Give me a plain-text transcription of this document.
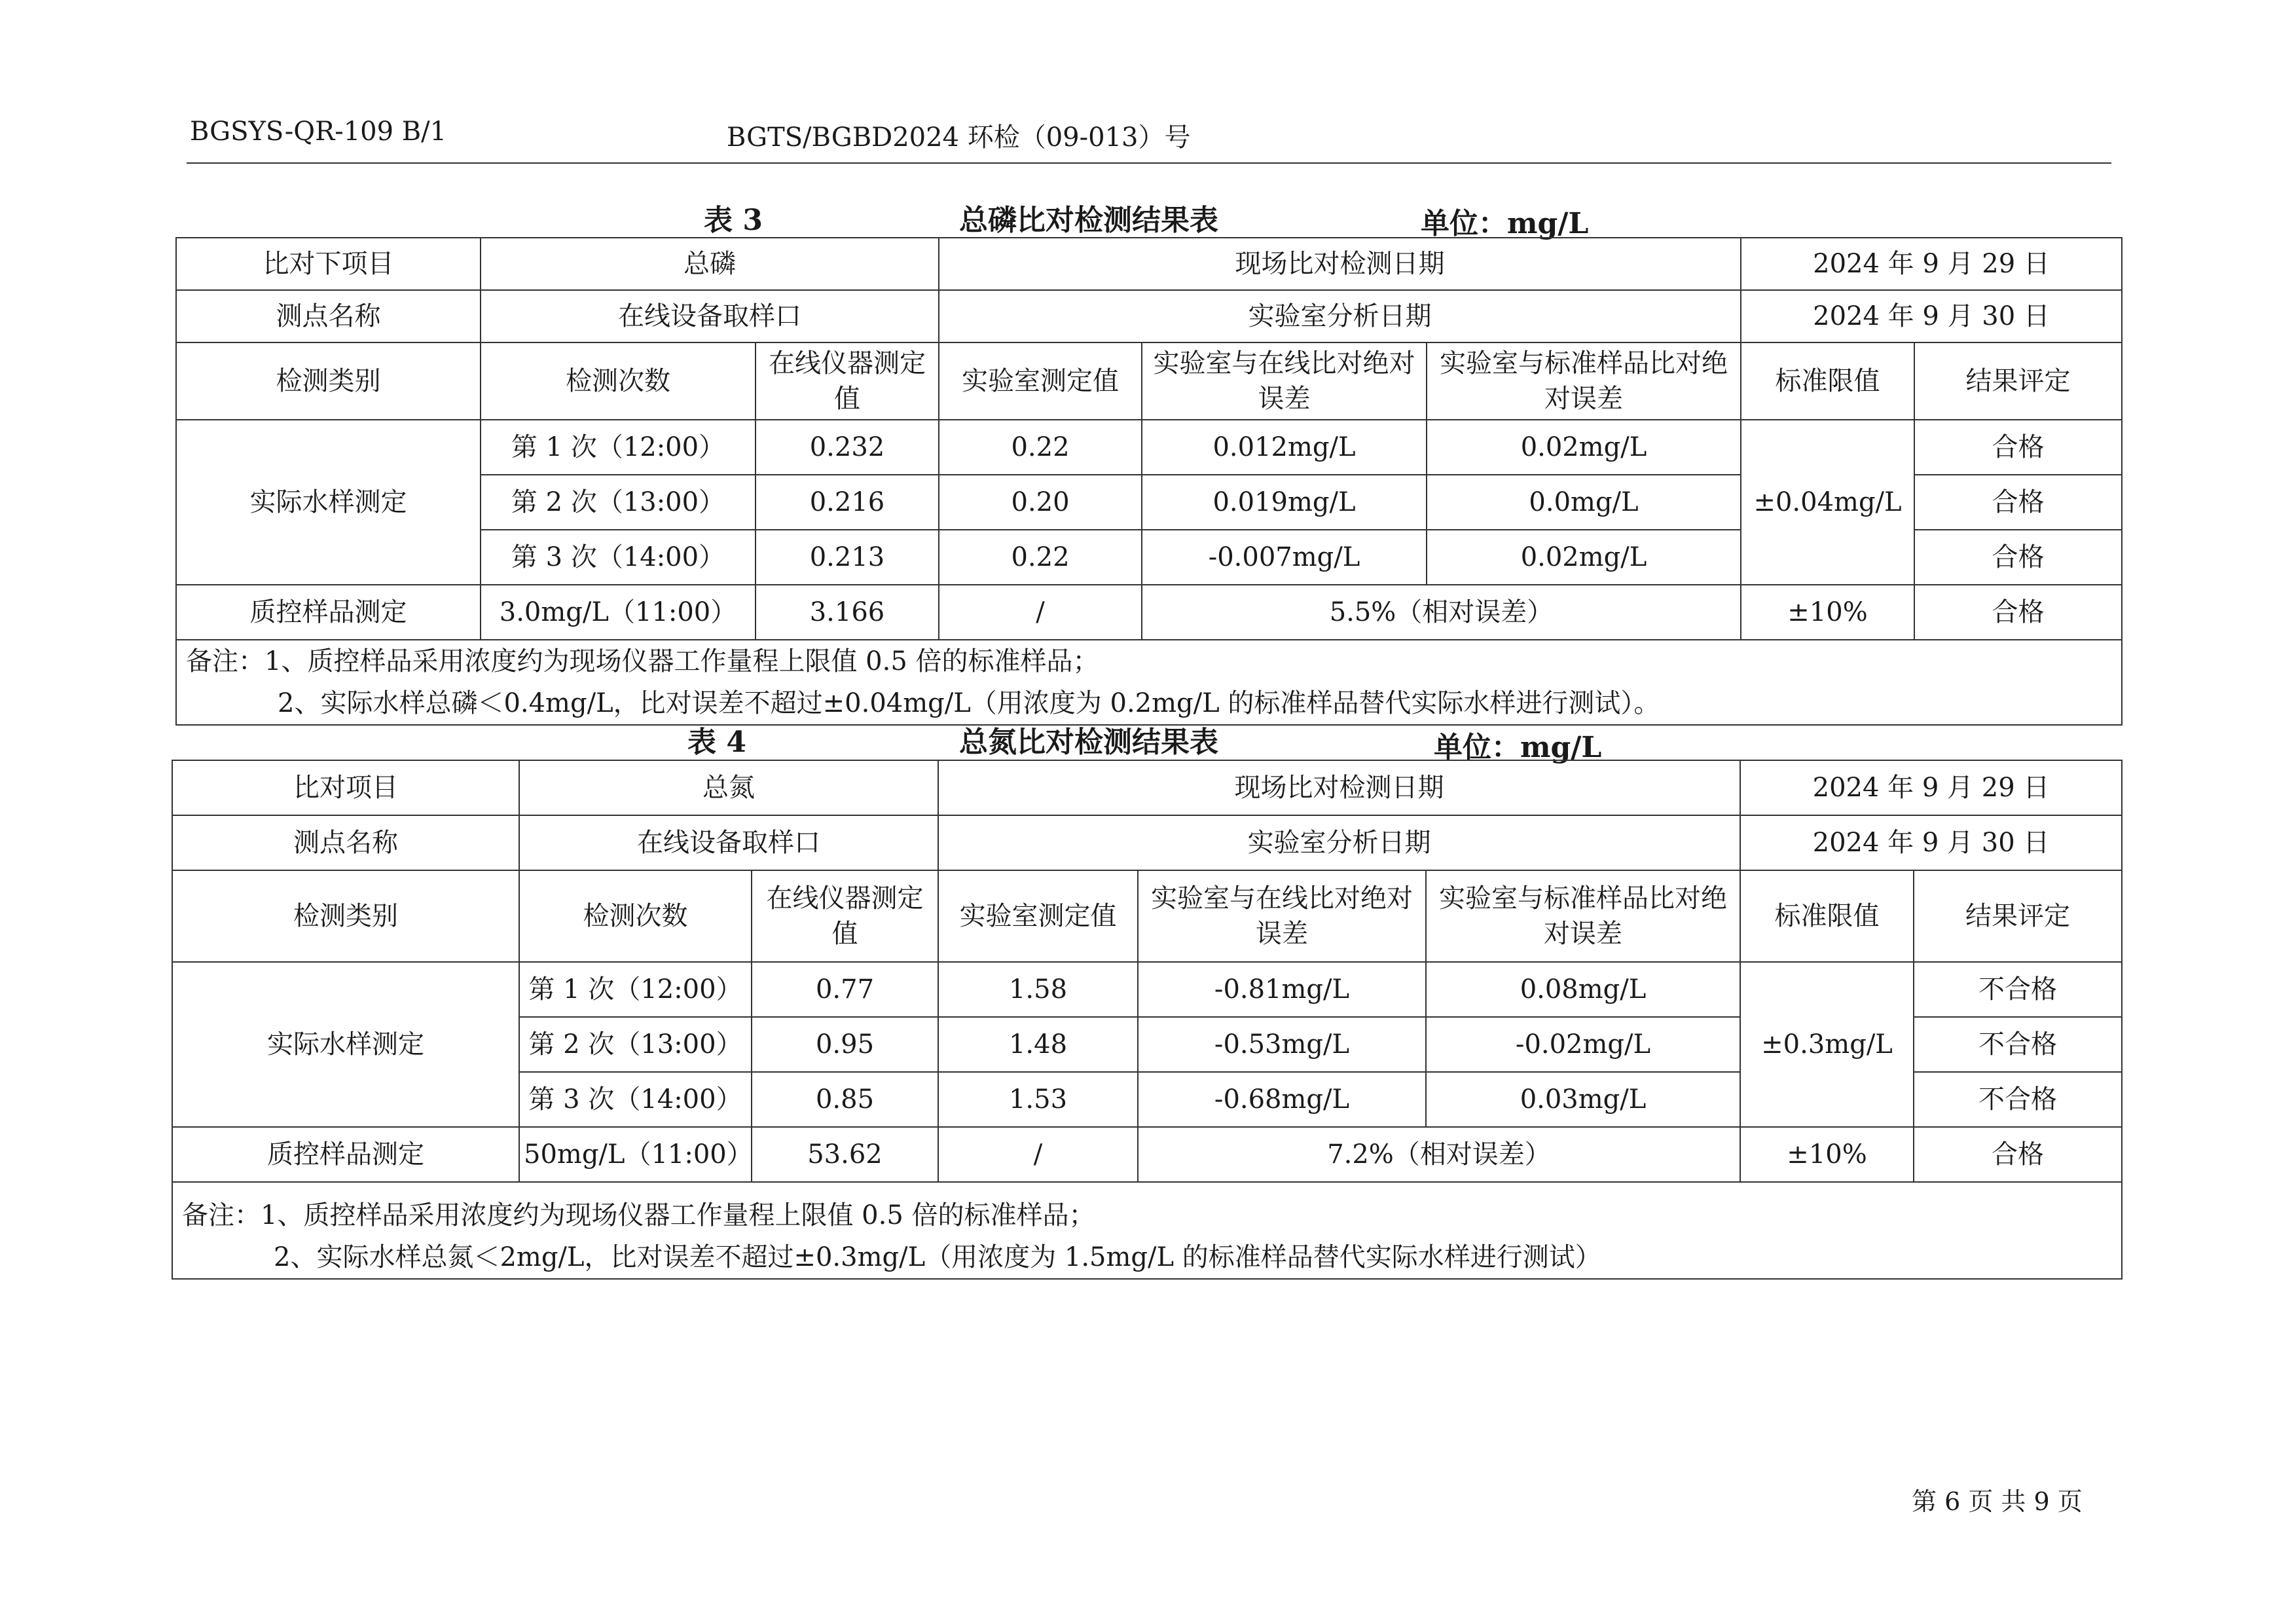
BGSYS-QR-109 B/1	BGTS/BGBD2024 环检（09-013）号
表 3	总磷比对检测结果表	单位：mg/L
比对下项目	总磷		现场比对检测日期			2024 年 9 月 29 日	
测点名称	在线设备取样口		实验室分析日期			2024 年 9 月 30 日	
检测类别	检测次数	在线仪器测定值	实验室测定值	实验室与在线比对绝对误差	实验室与标准样品比对绝对误差	标准限值	结果评定
实际水样测定	第 1 次（12:00）	0.232	0.22	0.012mg/L	0.02mg/L	±0.04mg/L	合格
	第 2 次（13:00）	0.216	0.20	0.019mg/L	0.0mg/L		合格
	第 3 次（14:00）	0.213	0.22	-0.007mg/L	0.02mg/L		合格
质控样品测定	3.0mg/L（11:00）	3.166	/	5.5%（相对误差）		±10%	合格

备注：1、质控样品采用浓度约为现场仪器工作量程上限值 0.5 倍的标准样品；
2、实际水样总磷＜0.4mg/L，比对误差不超过±0.04mg/L（用浓度为 0.2mg/L 的标准样品替代实际水样进行测试）。							
表 4	总氮比对检测结果表	单位：mg/L
比对项目	总氮		现场比对检测日期			2024 年 9 月 29 日	
测点名称	在线设备取样口		实验室分析日期			2024 年 9 月 30 日	
检测类别	检测次数	在线仪器测定值	实验室测定值	实验室与在线比对绝对误差	实验室与标准样品比对绝对误差	标准限值	结果评定
实际水样测定	第 1 次（12:00）	0.77	1.58	-0.81mg/L	0.08mg/L	±0.3mg/L	不合格
	第 2 次（13:00）	0.95	1.48	-0.53mg/L	-0.02mg/L		不合格
	第 3 次（14:00）	0.85	1.53	-0.68mg/L	0.03mg/L		不合格
质控样品测定	50mg/L（11:00）	53.62	/	7.2%（相对误差）		±10%	合格

备注：1、质控样品采用浓度约为现场仪器工作量程上限值 0.5 倍的标准样品；
2、实际水样总氮＜2mg/L，比对误差不超过±0.3mg/L（用浓度为 1.5mg/L 的标准样品替代实际水样进行测试）							
第 6 页 共 9 页
